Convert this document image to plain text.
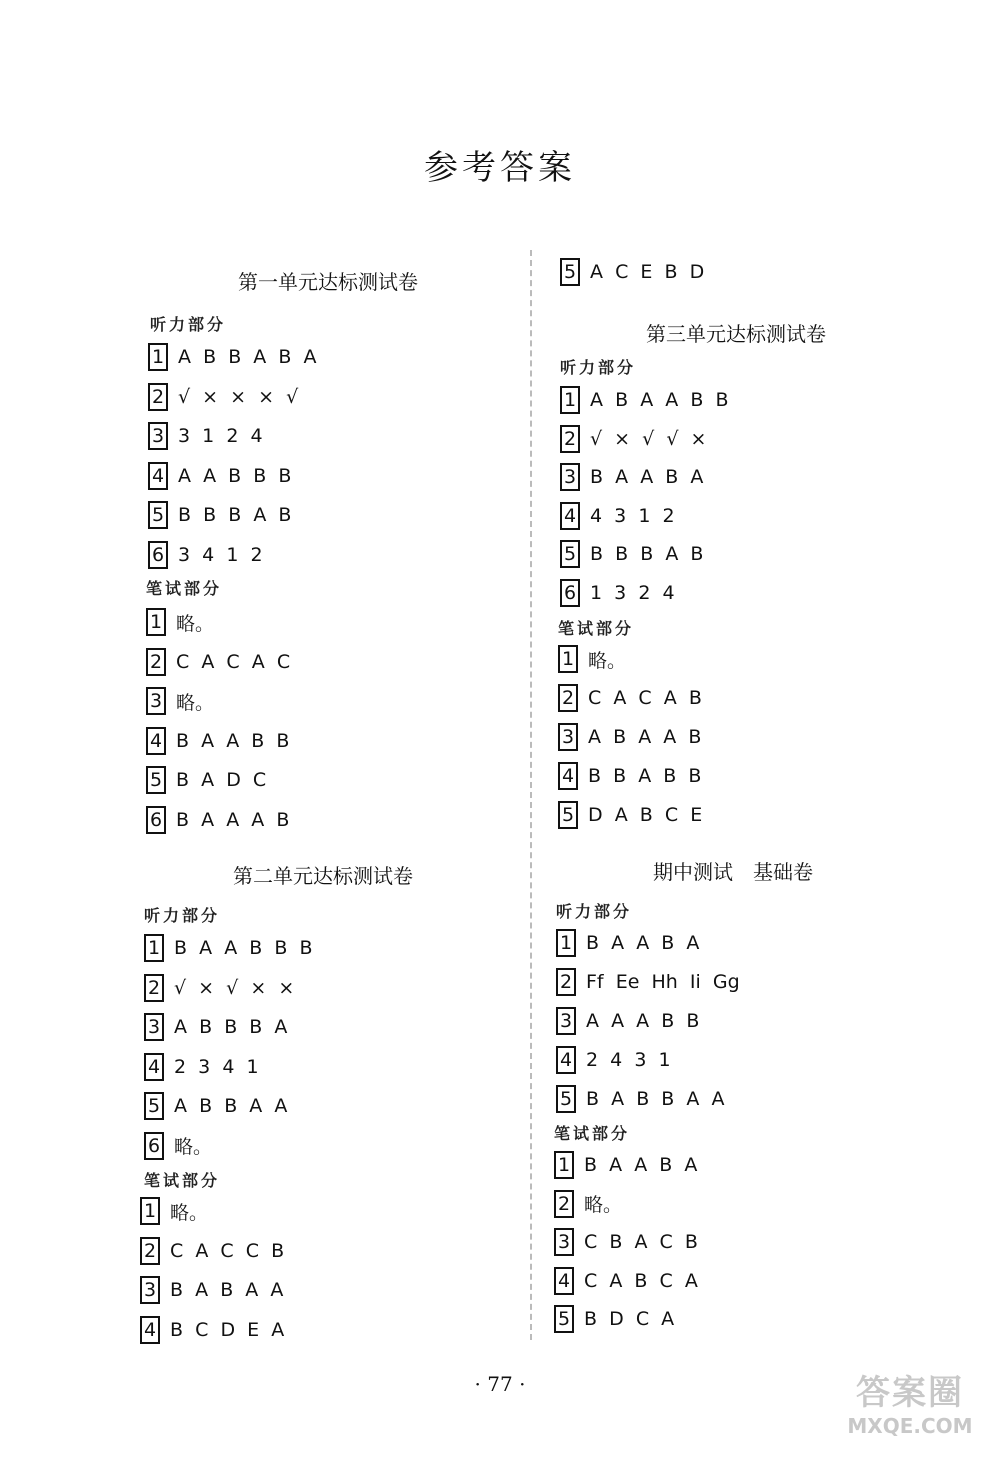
参考答案
第一单元达标测试卷
听力部分
1 A  B  B  A  B  A
2 √  ×  ×  ×  √
3 3  1  2  4
4 A  A  B  B  B
5 B  B  B  A  B
6 3  4  1  2
笔试部分
1 略。
2 C  A  C  A  C
3 略。
4 B  A  A  B  B
5 B  A  D  C
6 B  A  A  A  B
第二单元达标测试卷
听力部分
1 B  A  A  B  B  B
2 √  ×  √  ×  ×
3 A  B  B  B  A
4 2  3  4  1
5 A  B  B  A  A
6 略。
笔试部分
1 略。
2 C  A  C  C  B
3 B  A  B  A  A
4 B  C  D  E  A
5 A  C  E  B  D
第三单元达标测试卷
听力部分
1 A  B  A  A  B  B
2 √  ×  √  √  ×
3 B  A  A  B  A
4 4  3  1  2
5 B  B  B  A  B
6 1  3  2  4
笔试部分
1 略。
2 C  A  C  A  B
3 A  B  A  A  B
4 B  B  A  B  B
5 D  A  B  C  E
期中测试　基础卷
听力部分
1 B  A  A  B  A
2 Ff  Ee  Hh  Ii  Gg
3 A  A  A  B  B
4 2  4  3  1
5 B  A  B  B  A  A
笔试部分
1 B  A  A  B  A
2 略。
3 C  B  A  C  B
4 C  A  B  C  A
5 B  D  C  A
· 77 ·	答案圈
MXQE.COM
